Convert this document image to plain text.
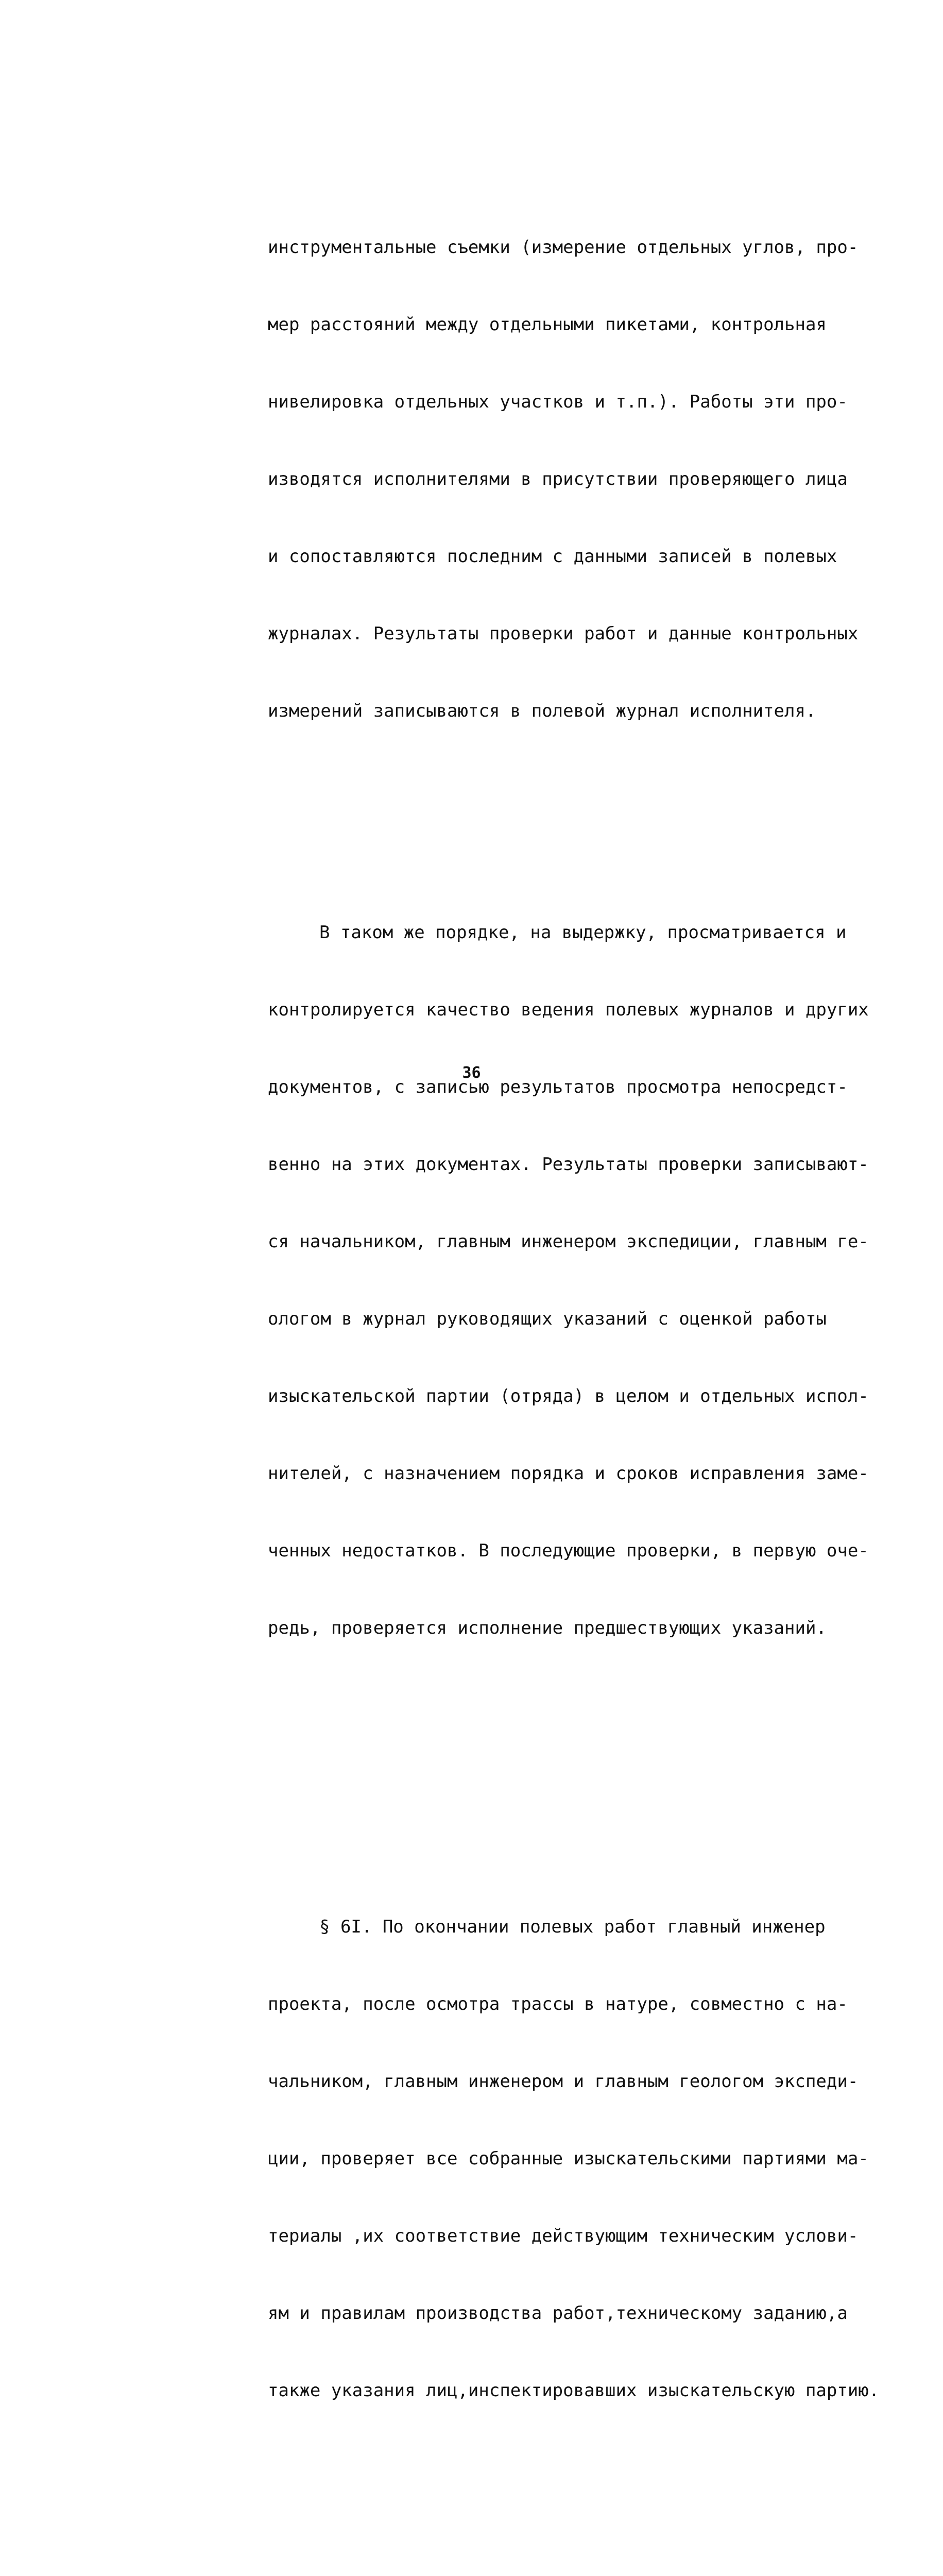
инструментальные съемки (измерение отдельных углов, про-

мер расстояний между отдельными пикетами, контрольная

нивелировка отдельных участков и т.п.). Работы эти про-

изводятся исполнителями в присутствии проверяющего лица

и сопоставляются последним с данными записей в полевых

журналах. Результаты проверки работ и данные контрольных

измерений записываются в полевой журнал исполнителя.

В таком же порядке, на выдержку, просматривается и

контролируется качество ведения полевых журналов и других

документов, с записью результатов просмотра непосредст-

венно на этих документах. Результаты проверки записывают-

ся начальником, главным инженером экспедиции, главным ге-

ологом в журнал руководящих указаний с оценкой работы

изыскательской партии (отряда) в целом и отдельных испол-

нителей, с назначением порядка и сроков исправления заме-

ченных недостатков. В последующие проверки, в первую оче-

редь, проверяется исполнение предшествующих указаний.

§ 6I. По окончании полевых работ главный инженер

проекта, после осмотра трассы в натуре, совместно с на-

чальником, главным инженером и главным геологом экспеди-

ции, проверяет все собранные изыскательскими партиями ма-

териалы ,их соответствие действующим техническим услови-

ям и правилам производства работ,техническому заданию,а

также указания лиц,инспектировавших изыскательскую партию.

36
